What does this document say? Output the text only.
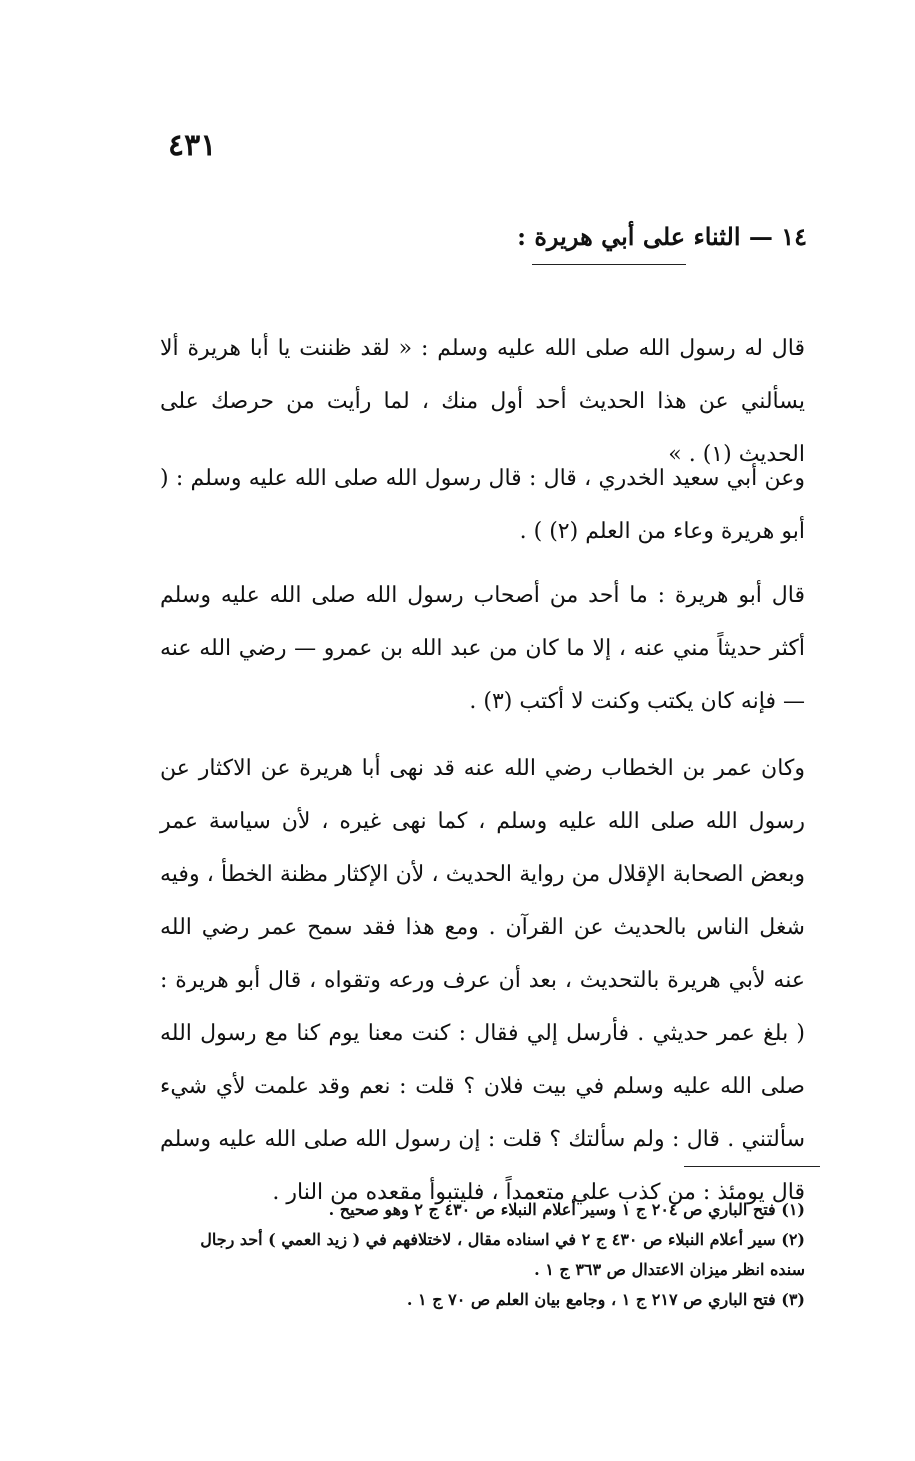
٤٣١
١٤ — الثناء على أبي هريرة :

قال له رسول الله صلى الله عليه وسلم : « لقد ظننت يا أبا هريرة ألا يسألني عن هذا الحديث أحد أول منك ، لما رأيت من حرصك على الحديث (١) . »

وعن أبي سعيد الخدري ، قال : قال رسول الله صلى الله عليه وسلم : ( أبو هريرة وعاء من العلم (٢) ) .

قال أبو هريرة : ما أحد من أصحاب رسول الله صلى الله عليه وسلم أكثر حديثاً مني عنه ، إلا ما كان من عبد الله بن عمرو — رضي الله عنه — فإنه كان يكتب وكنت لا أكتب (٣) .

وكان عمر بن الخطاب رضي الله عنه قد نهى أبا هريرة عن الاكثار عن رسول الله صلى الله عليه وسلم ، كما نهى غيره ، لأن سياسة عمر وبعض الصحابة الإقلال من رواية الحديث ، لأن الإكثار مظنة الخطأ ، وفيه شغل الناس بالحديث عن القرآن . ومع هذا فقد سمح عمر رضي الله عنه لأبي هريرة بالتحديث ، بعد أن عرف ورعه وتقواه ، قال أبو هريرة : ( بلغ عمر حديثي . فأرسل إلي فقال : كنت معنا يوم كنا مع رسول الله صلى الله عليه وسلم في بيت فلان ؟ قلت : نعم وقد علمت لأي شيء سألتني . قال : ولم سألتك ؟ قلت : إن رسول الله صلى الله عليه وسلم قال يومئذ : من كذب علي متعمداً ، فليتبوأ مقعده من النار .

(١) فتح الباري ص ٢٠٤ ج ١ وسير أعلام النبلاء ص ٤٣٠ ج ٢ وهو صحيح .
(٢) سير أعلام النبلاء ص ٤٣٠ ج ٢ في اسناده مقال ، لاختلافهم في ( زيد العمي ) أحد رجال سنده انظر ميزان الاعتدال ص ٣٦٣ ج ١ .
(٣) فتح الباري ص ٢١٧ ج ١ ، وجامع بيان العلم ص ٧٠ ج ١ .
